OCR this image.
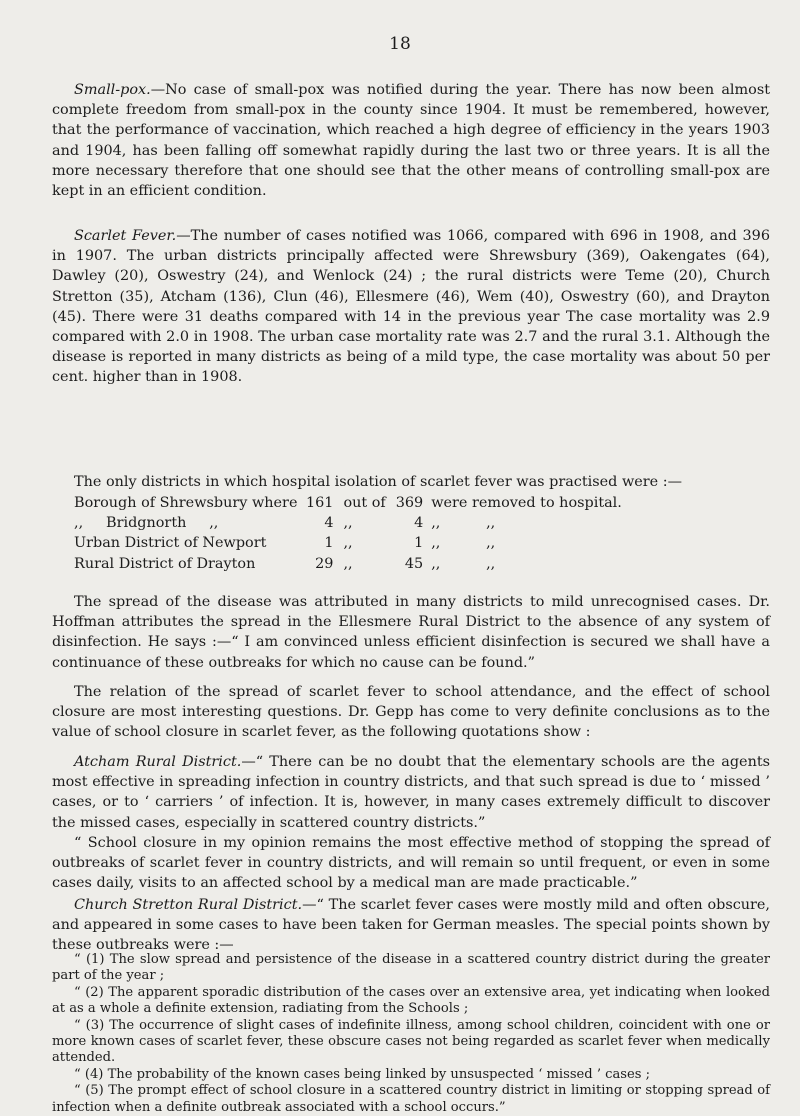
18

Small-pox.—No case of small-pox was notified during the year. There has now been almost complete freedom from small-pox in the county since 1904. It must be remembered, however, that the performance of vaccination, which reached a high degree of efficiency in the years 1903 and 1904, has been falling off somewhat rapidly during the last two or three years. It is all the more necessary therefore that one should see that the other means of controlling small-pox are kept in an efficient condition.

Scarlet Fever.—The number of cases notified was 1066, compared with 696 in 1908, and 396 in 1907. The urban districts principally affected were Shrewsbury (369), Oakengates (64), Dawley (20), Oswestry (24), and Wenlock (24) ; the rural districts were Teme (20), Church Stretton (35), Atcham (136), Clun (46), Ellesmere (46), Wem (40), Oswestry (60), and Drayton (45). There were 31 deaths compared with 14 in the previous year The case mortality was 2.9 compared with 2.0 in 1908. The urban case mortality rate was 2.7 and the rural 3.1. Although the disease is reported in many districts as being of a mild type, the case mortality was about 50 per cent. higher than in 1908.

The only districts in which hospital isolation of scarlet fever was practised were :—

Borough of Shrewsbury where	161	out of	369	were removed to hospital.
,,     Bridgnorth     ,,	4	,,	4	,,          ,,
Urban District of Newport	1	,,	1	,,          ,,
Rural District of Drayton	29	,,	45	,,          ,,

The spread of the disease was attributed in many districts to mild unrecognised cases. Dr. Hoffman attributes the spread in the Ellesmere Rural District to the absence of any system of disinfection. He says :—“ I am convinced unless efficient disinfection is secured we shall have a continuance of these outbreaks for which no cause can be found.”

The relation of the spread of scarlet fever to school attendance, and the effect of school closure are most interesting questions. Dr. Gepp has come to very definite conclusions as to the value of school closure in scarlet fever, as the following quotations show :

Atcham Rural District.—“ There can be no doubt that the elementary schools are the agents most effective in spreading infection in country districts, and that such spread is due to ‘ missed ’ cases, or to ‘ carriers ’ of infection. It is, however, in many cases extremely difficult to discover the missed cases, especially in scattered country districts.”

“ School closure in my opinion remains the most effective method of stopping the spread of outbreaks of scarlet fever in country districts, and will remain so until frequent, or even in some cases daily, visits to an affected school by a medical man are made practicable.”

Church Stretton Rural District.—“ The scarlet fever cases were mostly mild and often obscure, and appeared in some cases to have been taken for German measles. The special points shown by these outbreaks were :—

“ (1) The slow spread and persistence of the disease in a scattered country district during the greater part of the year ;
“ (2) The apparent sporadic distribution of the cases over an extensive area, yet indicating when looked at as a whole a definite extension, radiating from the Schools ;
“ (3) The occurrence of slight cases of indefinite illness, among school children, coincident with one or more known cases of scarlet fever, these obscure cases not being regarded as scarlet fever when medically attended.
“ (4) The probability of the known cases being linked by unsuspected ‘ missed ’ cases ;
“ (5) The prompt effect of school closure in a scattered country district in limiting or stopping spread of infection when a definite outbreak associated with a school occurs.”
